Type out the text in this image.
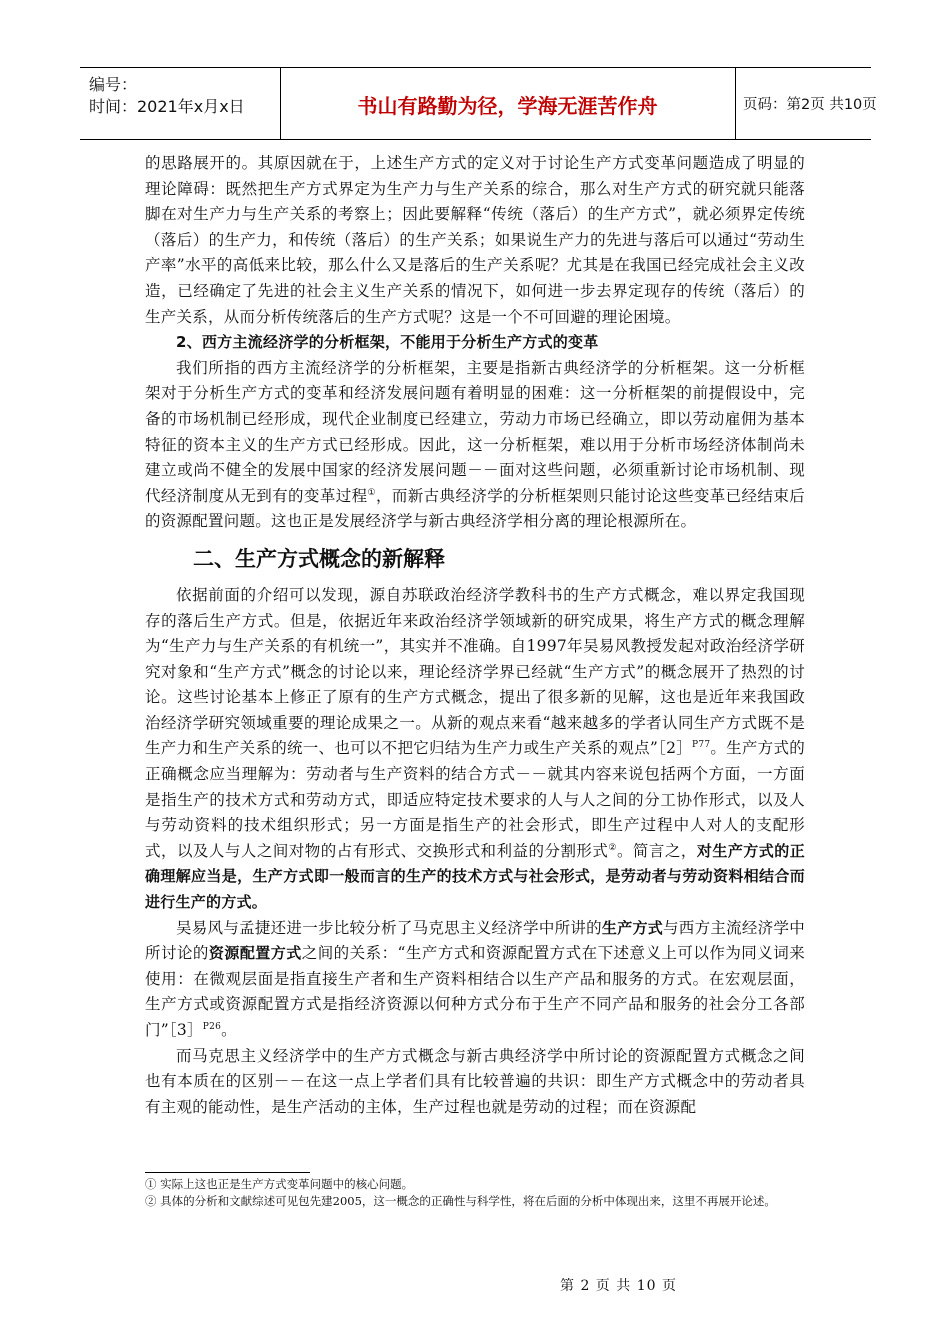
编号：
时间：2021年x月x日	书山有路勤为径，学海无涯苦作舟	页码：第2页 共10页

的思路展开的。其原因就在于，上述生产方式的定义对于讨论生产方式变革问题造成了明显的理论障碍：既然把生产方式界定为生产力与生产关系的综合，那么对生产方式的研究就只能落脚在对生产力与生产关系的考察上；因此要解释“传统（落后）的生产方式”，就必须界定传统（落后）的生产力，和传统（落后）的生产关系；如果说生产力的先进与落后可以通过“劳动生产率”水平的高低来比较，那么什么又是落后的生产关系呢？尤其是在我国已经完成社会主义改造，已经确定了先进的社会主义生产关系的情况下，如何进一步去界定现存的传统（落后）的生产关系，从而分析传统落后的生产方式呢？这是一个不可回避的理论困境。

2、西方主流经济学的分析框架，不能用于分析生产方式的变革

我们所指的西方主流经济学的分析框架，主要是指新古典经济学的分析框架。这一分析框架对于分析生产方式的变革和经济发展问题有着明显的困难：这一分析框架的前提假设中，完备的市场机制已经形成，现代企业制度已经建立，劳动力市场已经确立，即以劳动雇佣为基本特征的资本主义的生产方式已经形成。因此，这一分析框架，难以用于分析市场经济体制尚未建立或尚不健全的发展中国家的经济发展问题－－面对这些问题，必须重新讨论市场机制、现代经济制度从无到有的变革过程①，而新古典经济学的分析框架则只能讨论这些变革已经结束后的资源配置问题。这也正是发展经济学与新古典经济学相分离的理论根源所在。

二、生产方式概念的新解释

依据前面的介绍可以发现，源自苏联政治经济学教科书的生产方式概念，难以界定我国现存的落后生产方式。但是，依据近年来政治经济学领域新的研究成果，将生产方式的概念理解为“生产力与生产关系的有机统一”，其实并不准确。自1997年吴易风教授发起对政治经济学研究对象和“生产方式”概念的讨论以来，理论经济学界已经就“生产方式”的概念展开了热烈的讨论。这些讨论基本上修正了原有的生产方式概念，提出了很多新的见解，这也是近年来我国政治经济学研究领域重要的理论成果之一。从新的观点来看“越来越多的学者认同生产方式既不是生产力和生产关系的统一、也可以不把它归结为生产力或生产关系的观点”［2］$^{P77}$。生产方式的正确概念应当理解为：劳动者与生产资料的结合方式－－就其内容来说包括两个方面，一方面是指生产的技术方式和劳动方式，即适应特定技术要求的人与人之间的分工协作形式，以及人与劳动资料的技术组织形式；另一方面是指生产的社会形式，即生产过程中人对人的支配形式，以及人与人之间对物的占有形式、交换形式和利益的分割形式②。简言之，对生产方式的正确理解应当是，生产方式即一般而言的生产的技术方式与社会形式，是劳动者与劳动资料相结合而进行生产的方式。

吴易风与孟捷还进一步比较分析了马克思主义经济学中所讲的生产方式与西方主流经济学中所讨论的资源配置方式之间的关系：“生产方式和资源配置方式在下述意义上可以作为同义词来使用：在微观层面是指直接生产者和生产资料相结合以生产产品和服务的方式。在宏观层面，生产方式或资源配置方式是指经济资源以何种方式分布于生产不同产品和服务的社会分工各部门”［3］$^{P26}$。

而马克思主义经济学中的生产方式概念与新古典经济学中所讨论的资源配置方式概念之间也有本质在的区别－－在这一点上学者们具有比较普遍的共识：即生产方式概念中的劳动者具有主观的能动性，是生产活动的主体，生产过程也就是劳动的过程；而在资源配

① 实际上这也正是生产方式变革问题中的核心问题。
② 具体的分析和文献综述可见包先建2005，这一概念的正确性与科学性，将在后面的分析中体现出来，这里不再展开论述。
第 2 页 共 10 页
